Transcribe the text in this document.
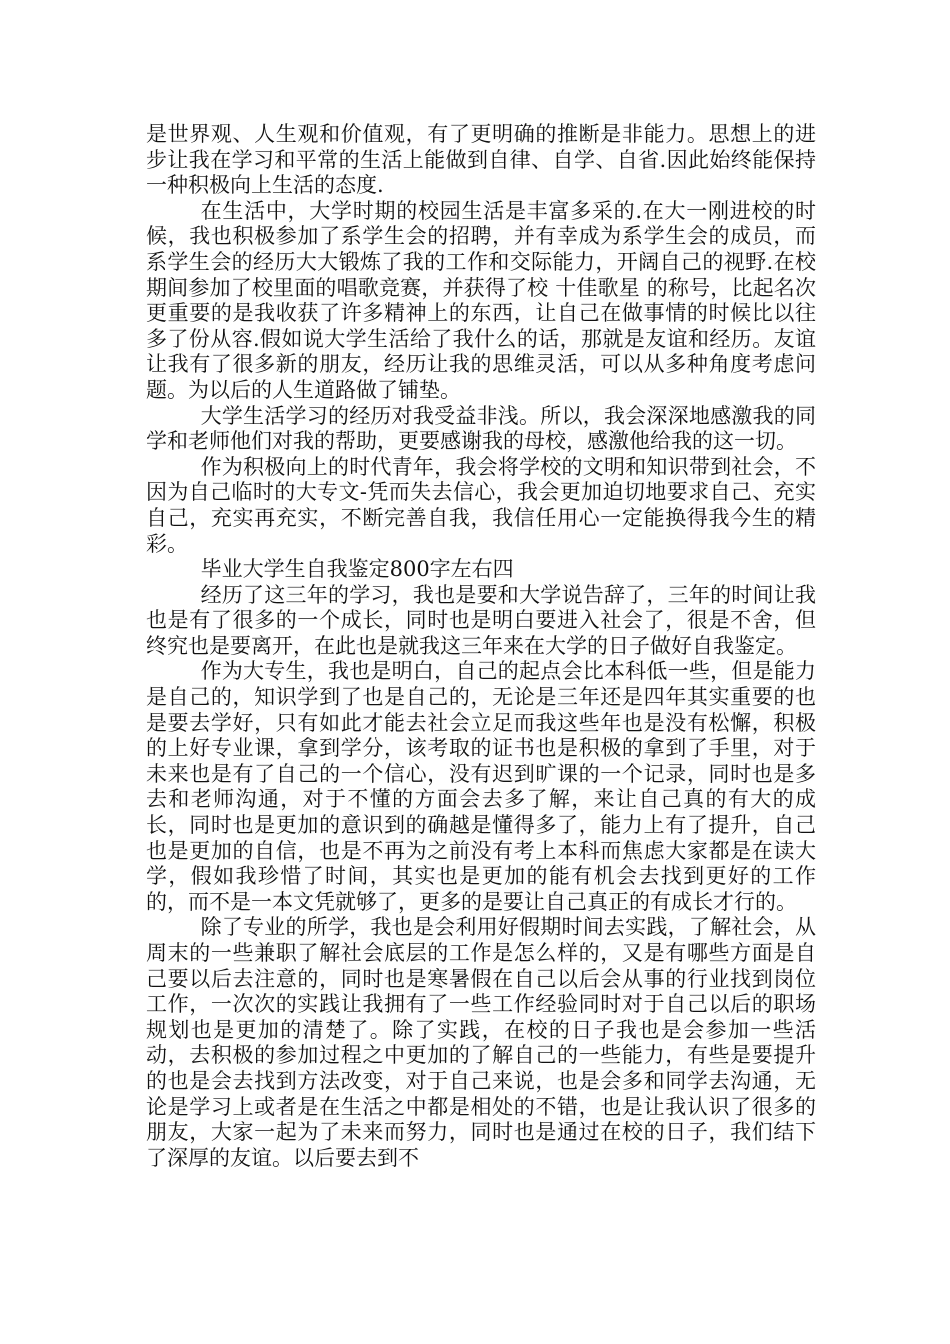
是世界观、人生观和价值观，有了更明确的推断是非能力。思想上的进步让我在学习和平常的生活上能做到自律、自学、自省.因此始终能保持一种积极向上生活的态度.

在生活中，大学时期的校园生活是丰富多采的.在大一刚进校的时候，我也积极参加了系学生会的招聘，并有幸成为系学生会的成员，而系学生会的经历大大锻炼了我的工作和交际能力，开阔自己的视野.在校期间参加了校里面的唱歌竞赛，并获得了校 十佳歌星 的称号，比起名次更重要的是我收获了许多精神上的东西，让自己在做事情的时候比以往多了份从容.假如说大学生活给了我什么的话，那就是友谊和经历。友谊让我有了很多新的朋友，经历让我的思维灵活，可以从多种角度考虑问题。为以后的人生道路做了铺垫。

大学生活学习的经历对我受益非浅。所以，我会深深地感激我的同学和老师他们对我的帮助，更要感谢我的母校，感激他给我的这一切。

作为积极向上的时代青年，我会将学校的文明和知识带到社会，不因为自己临时的大专文-凭而失去信心，我会更加迫切地要求自己、充实自己，充实再充实，不断完善自我，我信任用心一定能换得我今生的精彩。

毕业大学生自我鉴定800字左右四

经历了这三年的学习，我也是要和大学说告辞了，三年的时间让我也是有了很多的一个成长，同时也是明白要进入社会了，很是不舍，但终究也是要离开，在此也是就我这三年来在大学的日子做好自我鉴定。

作为大专生，我也是明白，自己的起点会比本科低一些，但是能力是自己的，知识学到了也是自己的，无论是三年还是四年其实重要的也是要去学好，只有如此才能去社会立足而我这些年也是没有松懈，积极的上好专业课，拿到学分，该考取的证书也是积极的拿到了手里，对于未来也是有了自己的一个信心，没有迟到旷课的一个记录，同时也是多去和老师沟通，对于不懂的方面会去多了解，来让自己真的有大的成长，同时也是更加的意识到的确越是懂得多了，能力上有了提升，自己也是更加的自信，也是不再为之前没有考上本科而焦虑大家都是在读大学，假如我珍惜了时间，其实也是更加的能有机会去找到更好的工作的，而不是一本文凭就够了，更多的是要让自己真正的有成长才行的。

除了专业的所学，我也是会利用好假期时间去实践，了解社会，从周末的一些兼职了解社会底层的工作是怎么样的，又是有哪些方面是自己要以后去注意的，同时也是寒暑假在自己以后会从事的行业找到岗位工作，一次次的实践让我拥有了一些工作经验同时对于自己以后的职场规划也是更加的清楚了。除了实践，在校的日子我也是会参加一些活动，去积极的参加过程之中更加的了解自己的一些能力，有些是要提升的也是会去找到方法改变，对于自己来说，也是会多和同学去沟通，无论是学习上或者是在生活之中都是相处的不错，也是让我认识了很多的朋友，大家一起为了未来而努力，同时也是通过在校的日子，我们结下了深厚的友谊。以后要去到不
